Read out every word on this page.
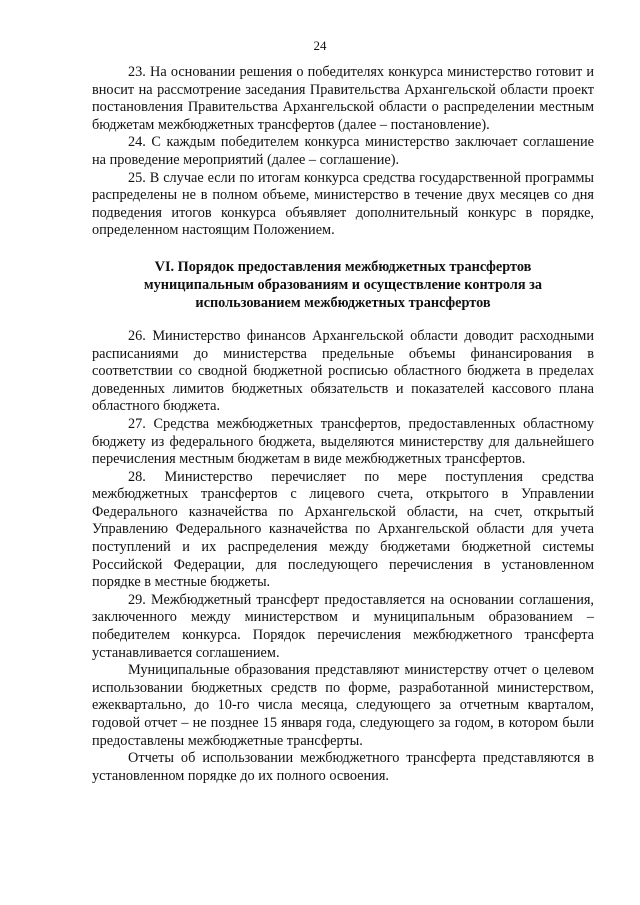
24

23. На основании решения о победителях конкурса министерство готовит и вносит на рассмотрение заседания Правительства Архангельской области проект постановления Правительства Архангельской области о распределении местным бюджетам межбюджетных трансфертов (далее – постановление).

24. С каждым победителем конкурса министерство заключает соглашение на проведение мероприятий (далее – соглашение).

25. В случае если по итогам конкурса средства государственной программы распределены не в полном объеме, министерство в течение двух месяцев со дня подведения итогов конкурса объявляет дополнительный конкурс в порядке, определенном настоящим Положением.

VI. Порядок предоставления межбюджетных трансфертов муниципальным образованиям и осуществление контроля за использованием межбюджетных трансфертов

26. Министерство финансов Архангельской области доводит расходными расписаниями до министерства предельные объемы финансирования в соответствии со сводной бюджетной росписью областного бюджета в пределах доведенных лимитов бюджетных обязательств и показателей кассового плана областного бюджета.

27. Средства межбюджетных трансфертов, предоставленных областному бюджету из федерального бюджета, выделяются министерству для дальнейшего перечисления местным бюджетам в виде межбюджетных трансфертов.

28. Министерство перечисляет по мере поступления средства межбюджетных трансфертов с лицевого счета, открытого в Управлении Федерального казначейства по Архангельской области, на счет, открытый Управлению Федерального казначейства по Архангельской области для учета поступлений и их распределения между бюджетами бюджетной системы Российской Федерации, для последующего перечисления в установленном порядке в местные бюджеты.

29. Межбюджетный трансферт предоставляется на основании соглашения, заключенного между министерством и муниципальным образованием – победителем конкурса. Порядок перечисления межбюджетного трансферта устанавливается соглашением.

Муниципальные образования представляют министерству отчет о целевом использовании бюджетных средств по форме, разработанной министерством, ежеквартально, до 10-го числа месяца, следующего за отчетным кварталом, годовой отчет – не позднее 15 января года, следующего за годом, в котором были предоставлены межбюджетные трансферты.

Отчеты об использовании межбюджетного трансферта представляются в установленном порядке до их полного освоения.
